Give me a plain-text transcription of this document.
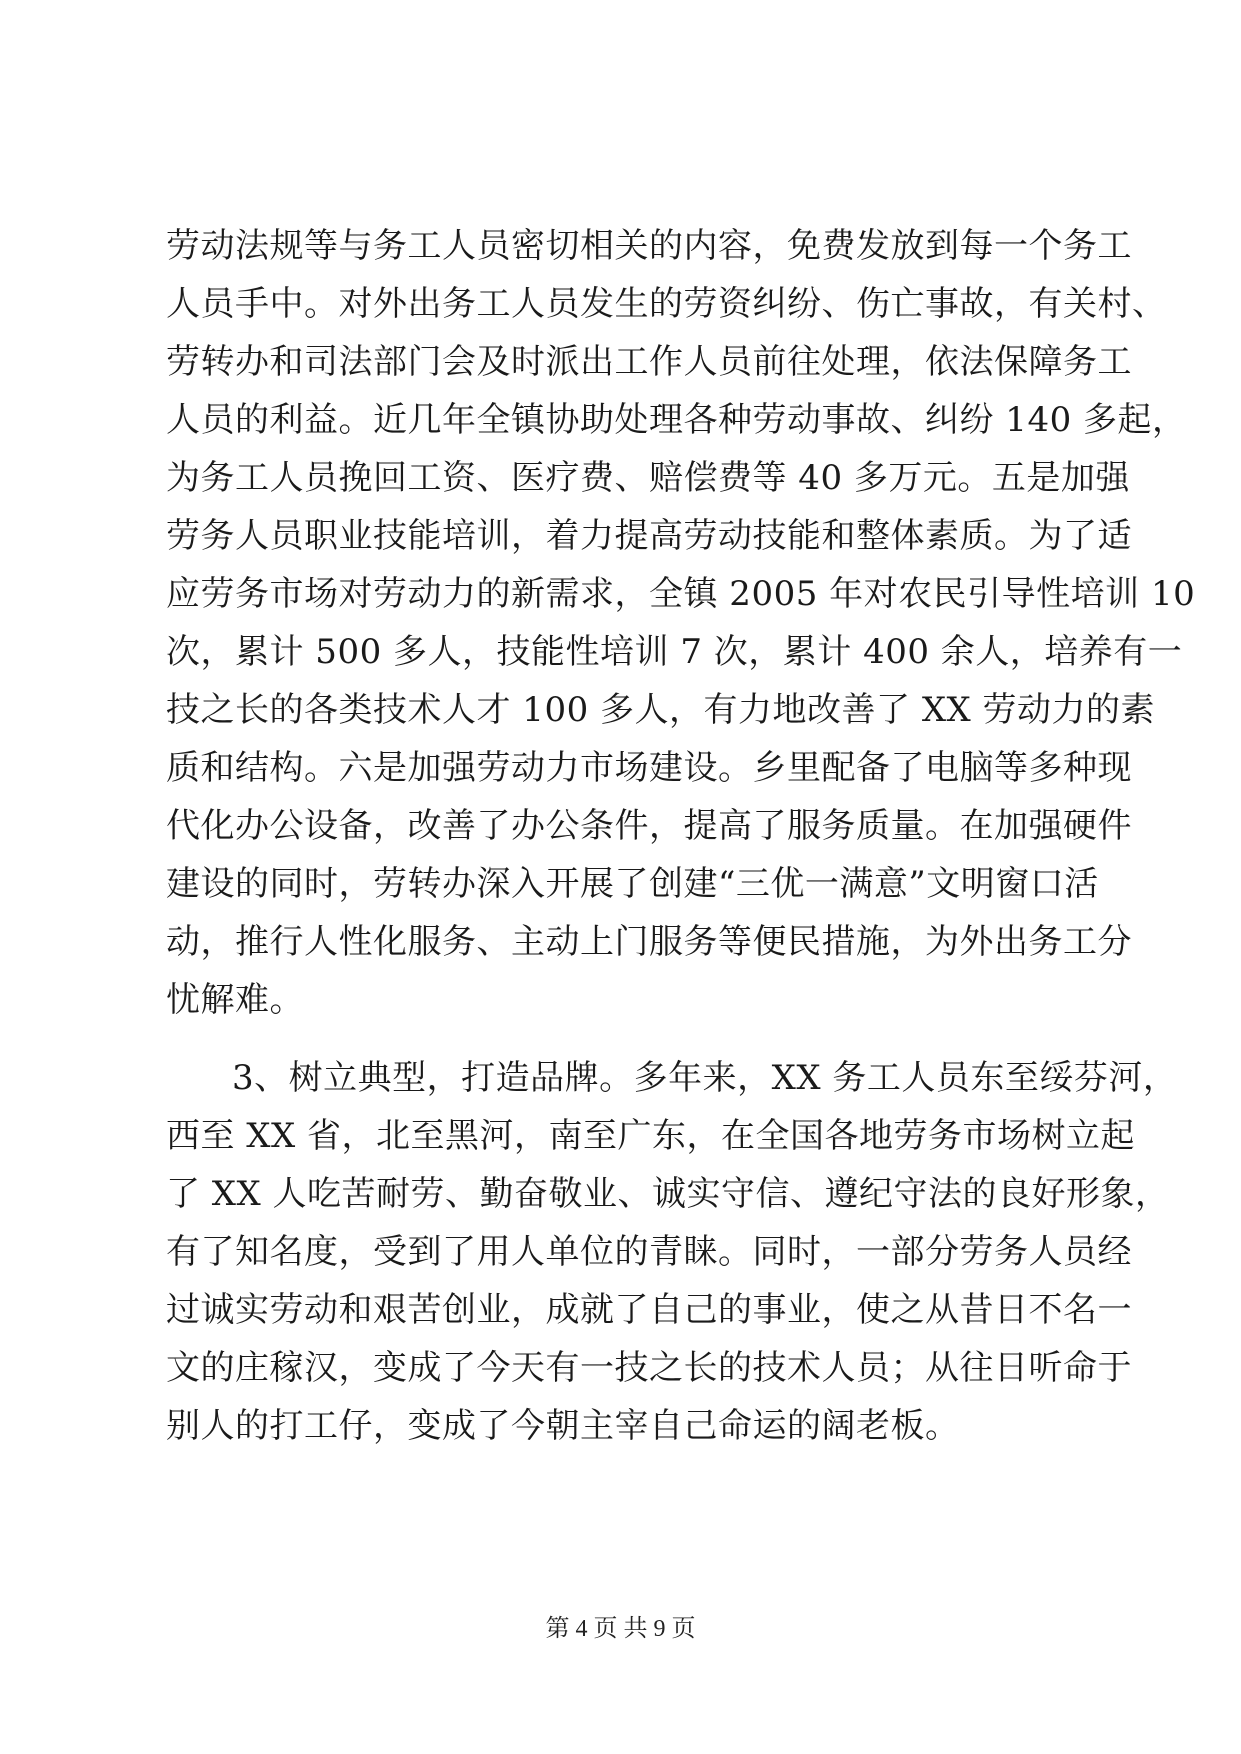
劳动法规等与务工人员密切相关的内容，免费发放到每一个务工
人员手中。对外出务工人员发生的劳资纠纷、伤亡事故，有关村、
劳转办和司法部门会及时派出工作人员前往处理，依法保障务工
人员的利益。近几年全镇协助处理各种劳动事故、纠纷 140 多起，
为务工人员挽回工资、医疗费、赔偿费等 40 多万元。五是加强
劳务人员职业技能培训，着力提高劳动技能和整体素质。为了适
应劳务市场对劳动力的新需求，全镇 2005 年对农民引导性培训 10
次，累计 500 多人，技能性培训 7 次，累计 400 余人，培养有一
技之长的各类技术人才 100 多人，有力地改善了 XX 劳动力的素
质和结构。六是加强劳动力市场建设。乡里配备了电脑等多种现
代化办公设备，改善了办公条件，提高了服务质量。在加强硬件
建设的同时，劳转办深入开展了创建“三优一满意”文明窗口活
动，推行人性化服务、主动上门服务等便民措施，为外出务工分
忧解难。
3、树立典型，打造品牌。多年来，XX 务工人员东至绥芬河，
西至 XX 省，北至黑河，南至广东，在全国各地劳务市场树立起
了 XX 人吃苦耐劳、勤奋敬业、诚实守信、遵纪守法的良好形象，
有了知名度，受到了用人单位的青睐。同时，一部分劳务人员经
过诚实劳动和艰苦创业，成就了自己的事业，使之从昔日不名一
文的庄稼汉，变成了今天有一技之长的技术人员；从往日听命于
别人的打工仔，变成了今朝主宰自己命运的阔老板。
第 4 页 共 9 页
